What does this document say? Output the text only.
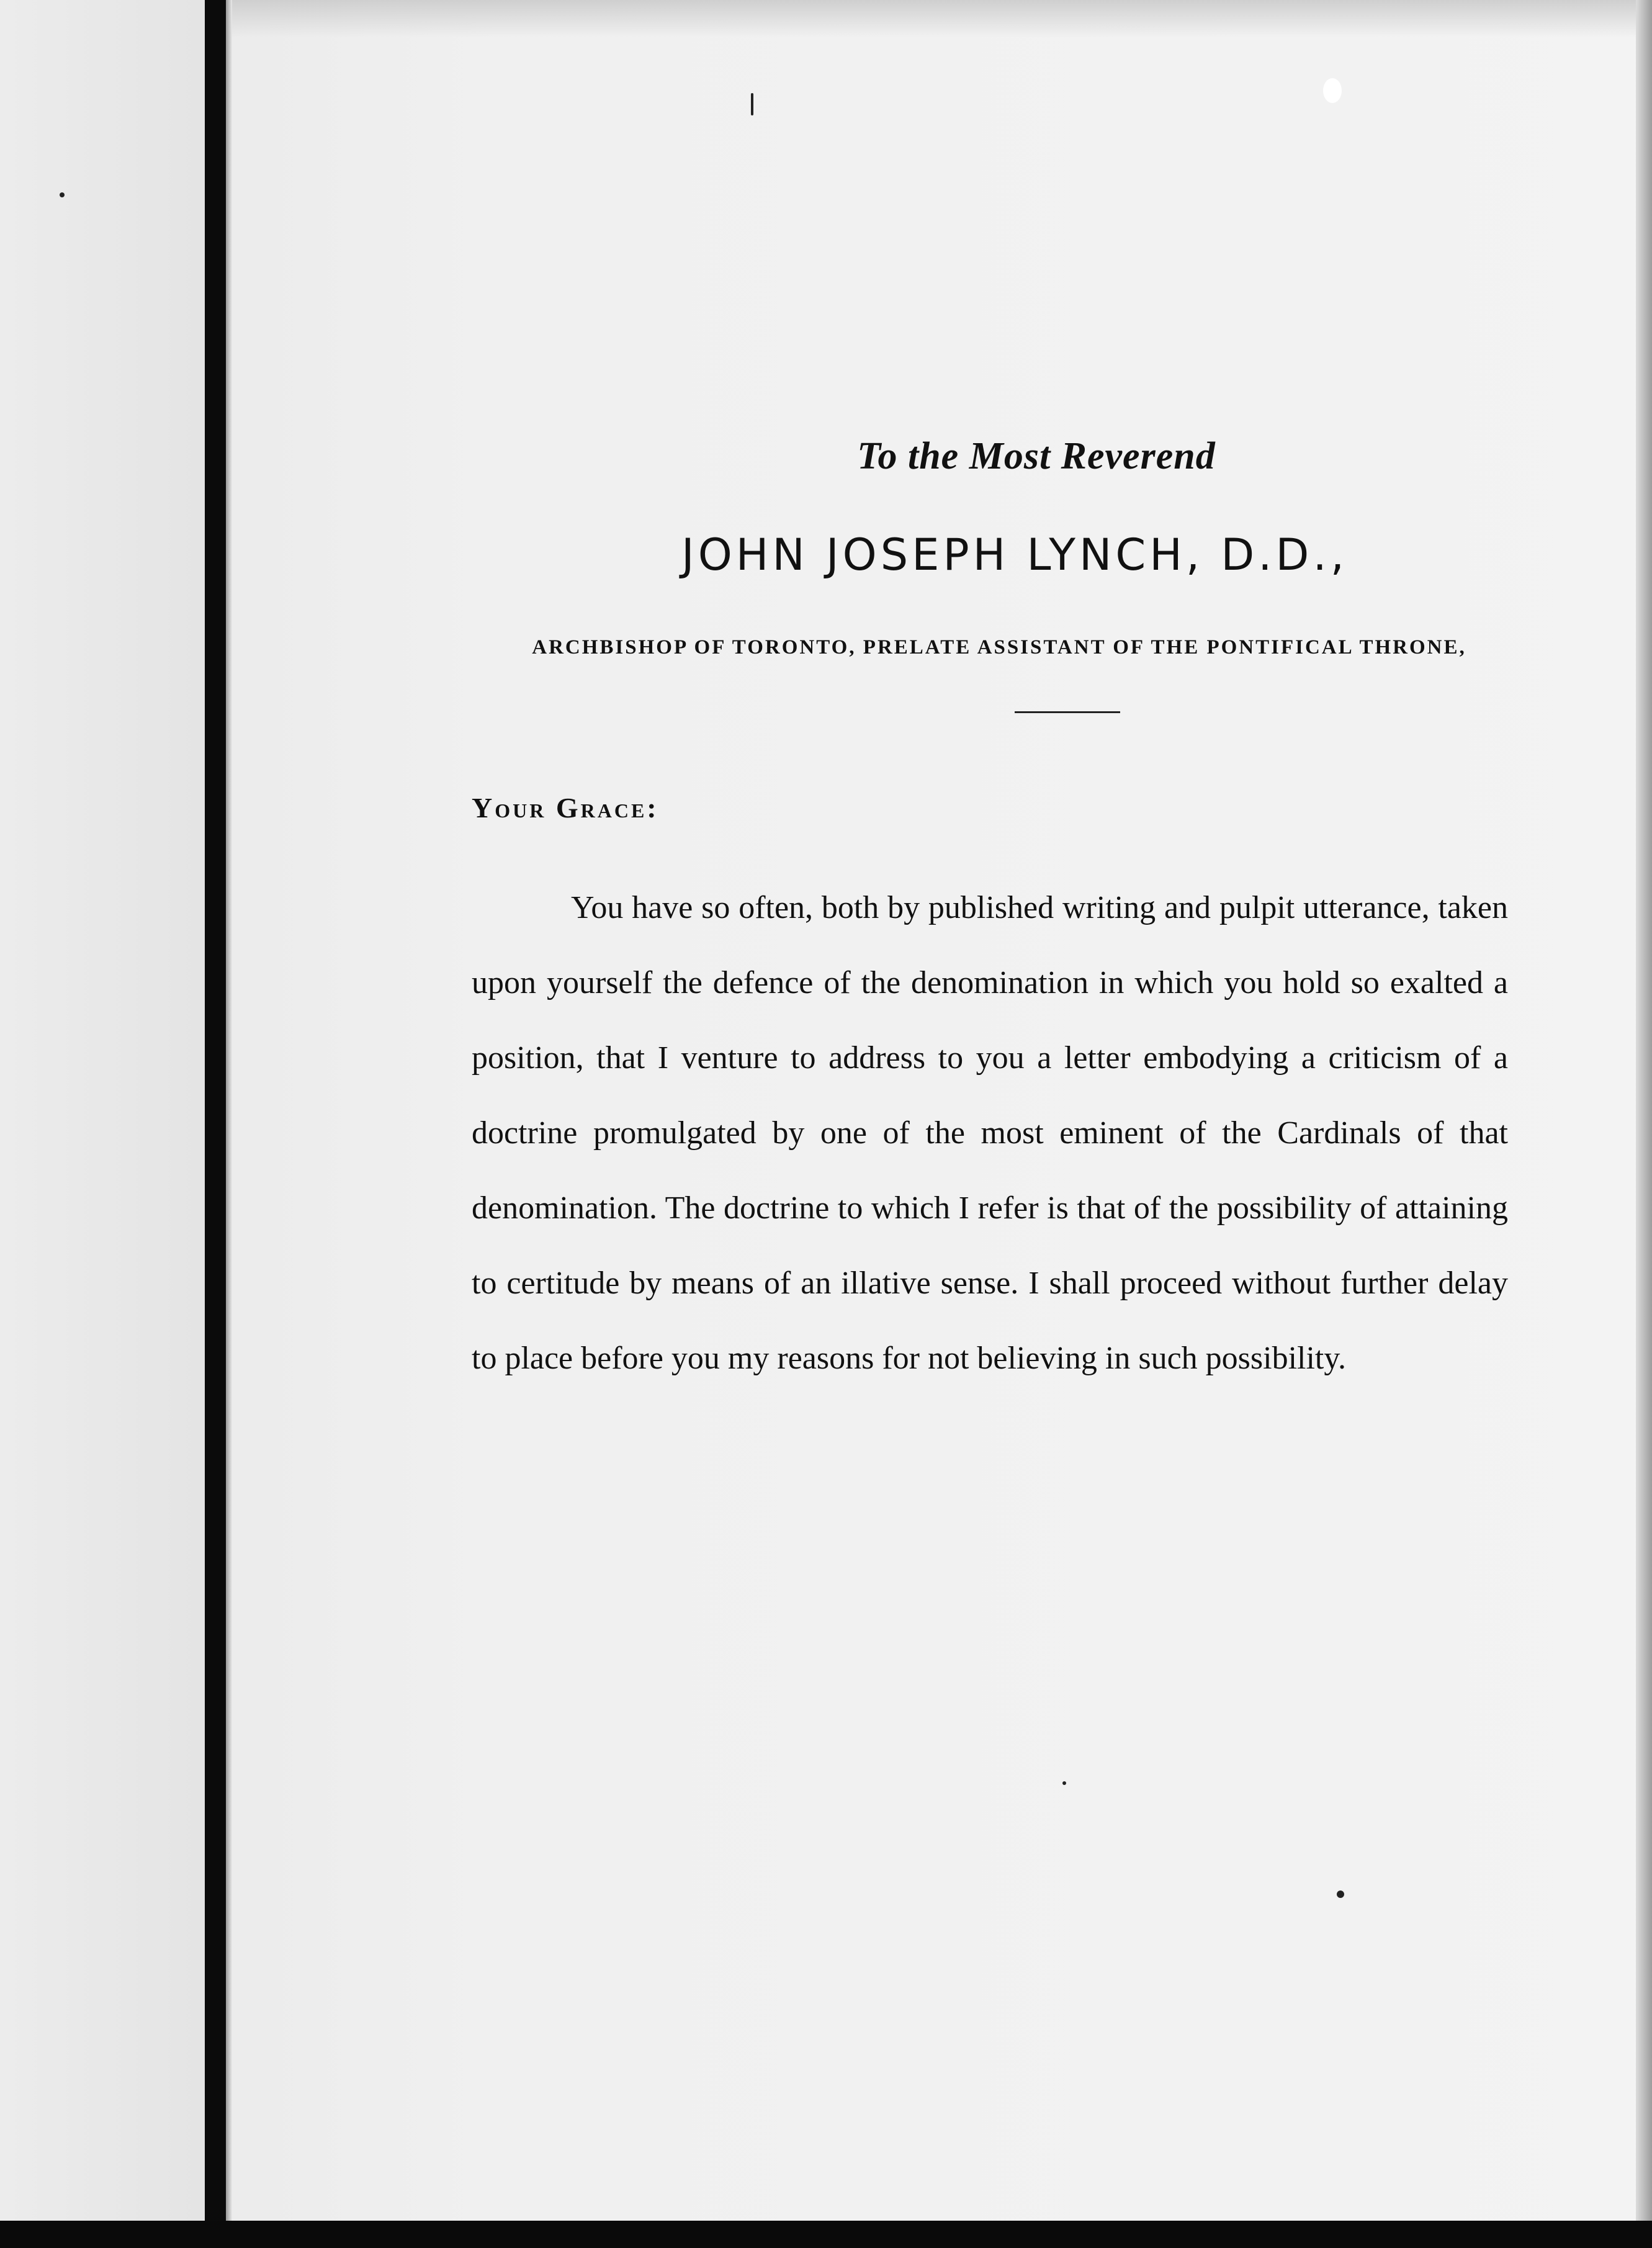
To the Most Reverend
JOHN JOSEPH LYNCH, D.D.,
ARCHBISHOP OF TORONTO, PRELATE ASSISTANT OF THE PONTIFICAL THRONE,
Your Grace:
You have so often, both by published writing and pulpit utterance, taken upon yourself the defence of the denomination in which you hold so exalted a position, that I venture to address to you a letter embodying a criticism of a doctrine promulgated by one of the most eminent of the Cardinals of that denomination. The doctrine to which I refer is that of the possibility of attaining to certitude by means of an illative sense. I shall proceed without further delay to place before you my reasons for not believing in such possibility.
